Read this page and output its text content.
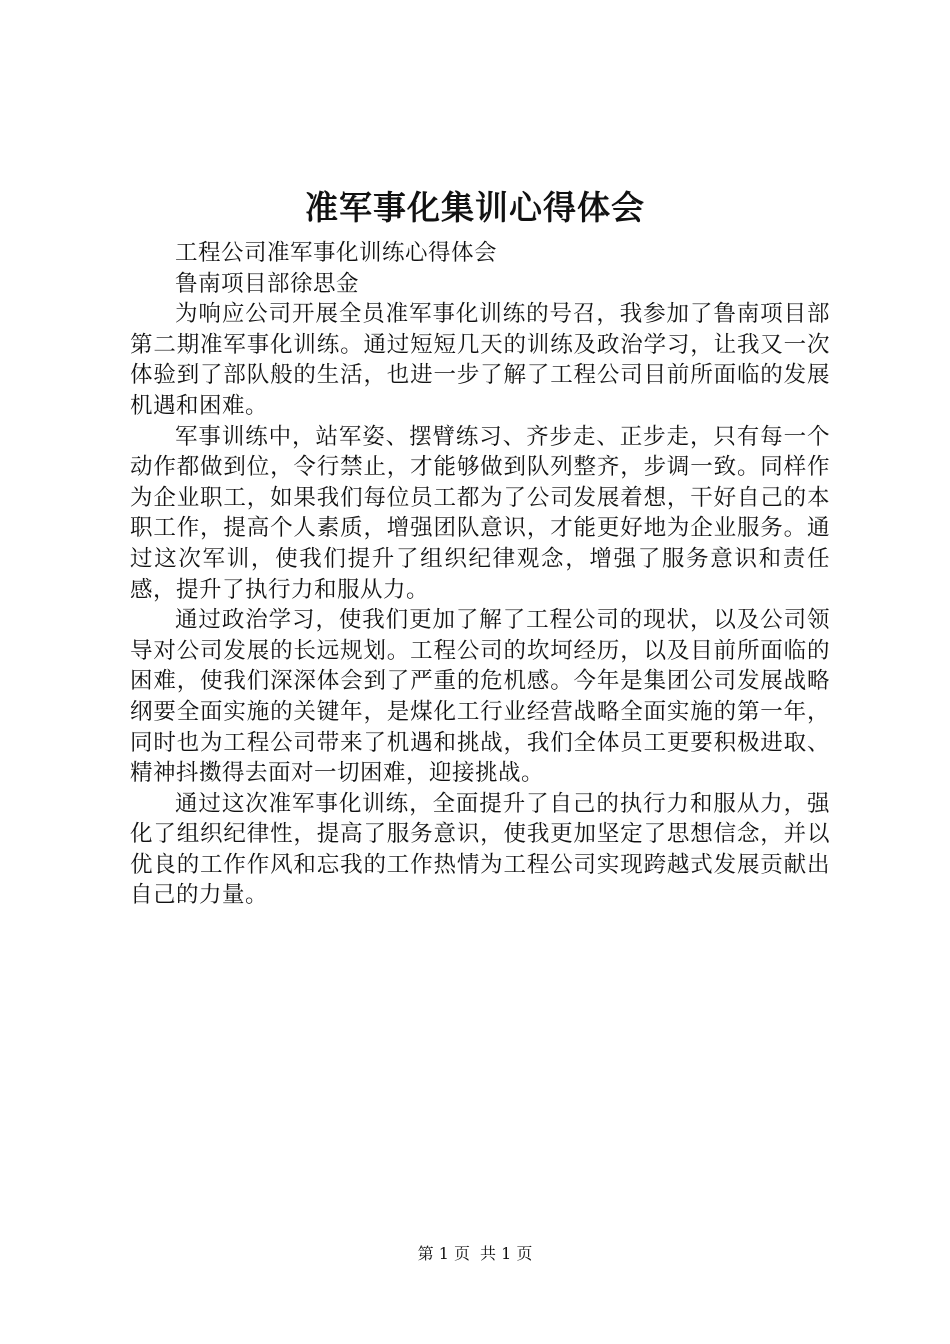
准军事化集训心得体会

工程公司准军事化训练心得体会

鲁南项目部徐思金

为响应公司开展全员准军事化训练的号召，我参加了鲁南项目部第二期准军事化训练。通过短短几天的训练及政治学习，让我又一次体验到了部队般的生活，也进一步了解了工程公司目前所面临的发展机遇和困难。

军事训练中，站军姿、摆臂练习、齐步走、正步走，只有每一个动作都做到位，令行禁止，才能够做到队列整齐，步调一致。同样作为企业职工，如果我们每位员工都为了公司发展着想，干好自己的本职工作，提高个人素质，增强团队意识，才能更好地为企业服务。通过这次军训，使我们提升了组织纪律观念，增强了服务意识和责任感，提升了执行力和服从力。

通过政治学习，使我们更加了解了工程公司的现状，以及公司领导对公司发展的长远规划。工程公司的坎坷经历，以及目前所面临的困难，使我们深深体会到了严重的危机感。今年是集团公司发展战略纲要全面实施的关键年，是煤化工行业经营战略全面实施的第一年，同时也为工程公司带来了机遇和挑战，我们全体员工更要积极进取、精神抖擞得去面对一切困难，迎接挑战。

通过这次准军事化训练，全面提升了自己的执行力和服从力，强化了组织纪律性，提高了服务意识，使我更加坚定了思想信念，并以优良的工作作风和忘我的工作热情为工程公司实现跨越式发展贡献出自己的力量。

第 1 页 共 1 页
